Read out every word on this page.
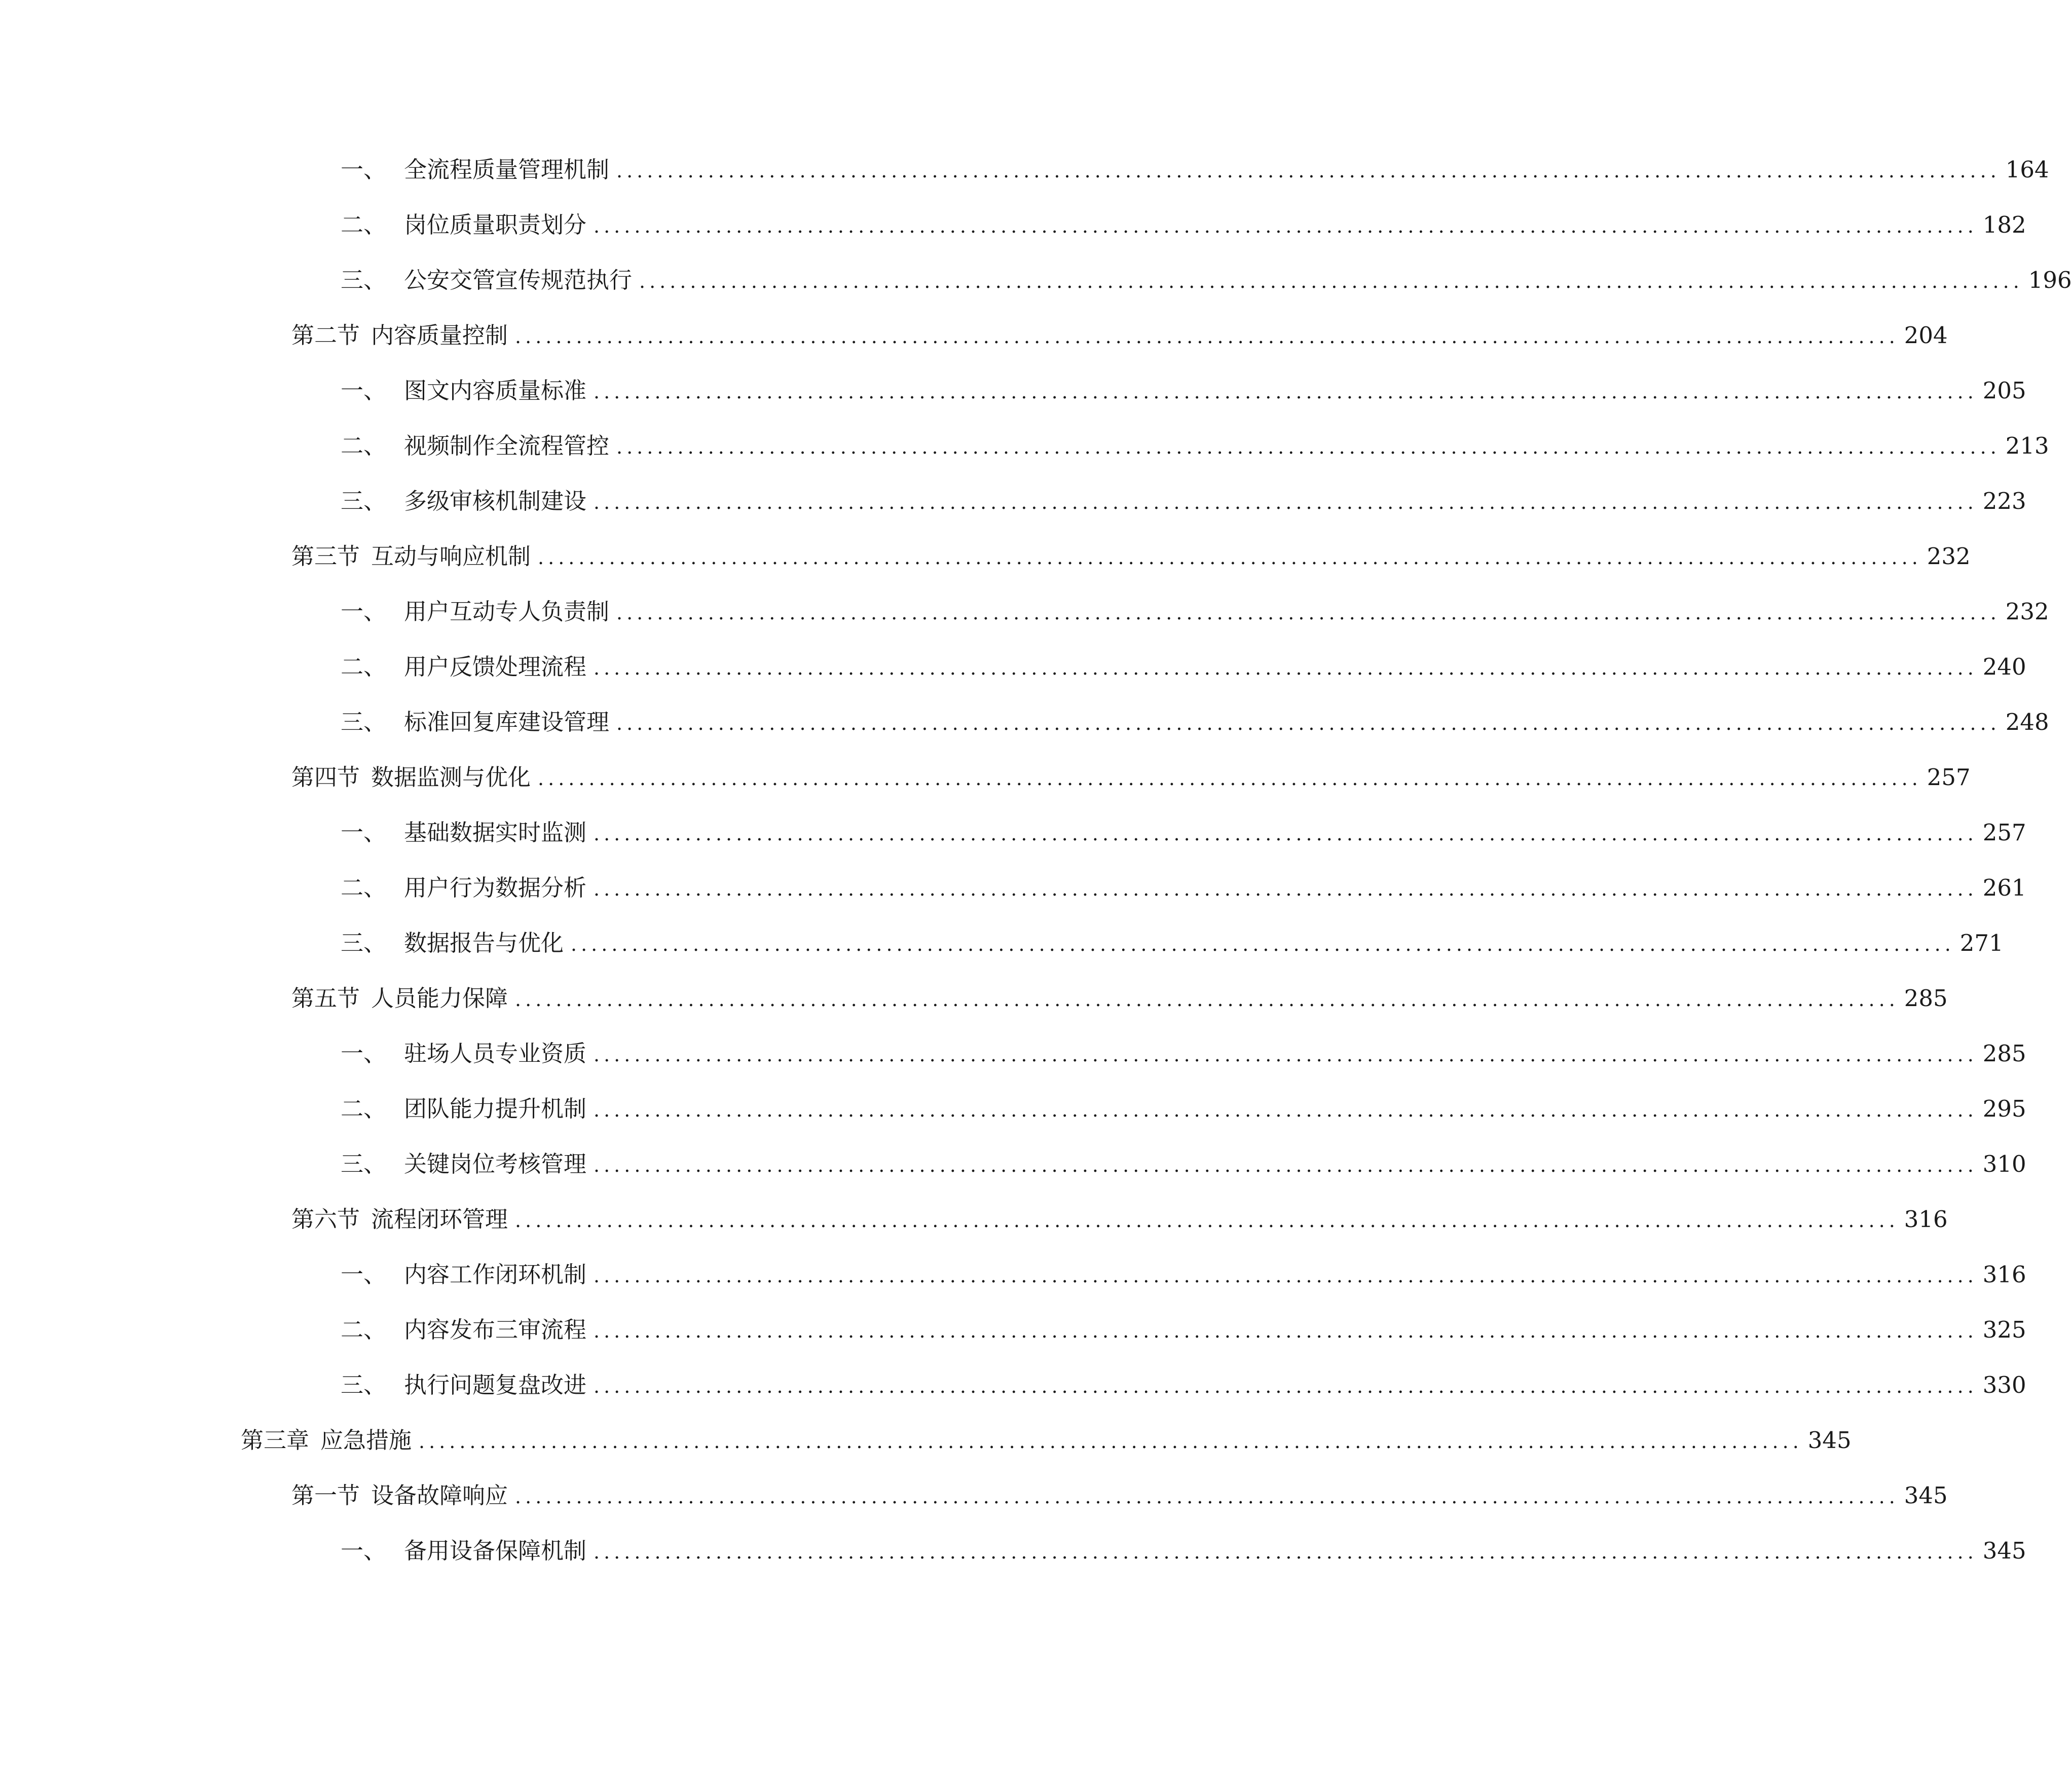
一、 全流程质量管理机制 ........................................................................................................................................ 164
二、 岗位质量职责划分 ........................................................................................................................................ 182
三、 公安交管宣传规范执行 ........................................................................................................................................ 196
第二节 内容质量控制 ........................................................................................................................................ 204
一、 图文内容质量标准 ........................................................................................................................................ 205
二、 视频制作全流程管控 ........................................................................................................................................ 213
三、 多级审核机制建设 ........................................................................................................................................ 223
第三节 互动与响应机制 ........................................................................................................................................ 232
一、 用户互动专人负责制 ........................................................................................................................................ 232
二、 用户反馈处理流程 ........................................................................................................................................ 240
三、 标准回复库建设管理 ........................................................................................................................................ 248
第四节 数据监测与优化 ........................................................................................................................................ 257
一、 基础数据实时监测 ........................................................................................................................................ 257
二、 用户行为数据分析 ........................................................................................................................................ 261
三、 数据报告与优化 ........................................................................................................................................ 271
第五节 人员能力保障 ........................................................................................................................................ 285
一、 驻场人员专业资质 ........................................................................................................................................ 285
二、 团队能力提升机制 ........................................................................................................................................ 295
三、 关键岗位考核管理 ........................................................................................................................................ 310
第六节 流程闭环管理 ........................................................................................................................................ 316
一、 内容工作闭环机制 ........................................................................................................................................ 316
二、 内容发布三审流程 ........................................................................................................................................ 325
三、 执行问题复盘改进 ........................................................................................................................................ 330
第三章 应急措施 ........................................................................................................................................ 345
第一节 设备故障响应 ........................................................................................................................................ 345
一、 备用设备保障机制 ........................................................................................................................................ 345
